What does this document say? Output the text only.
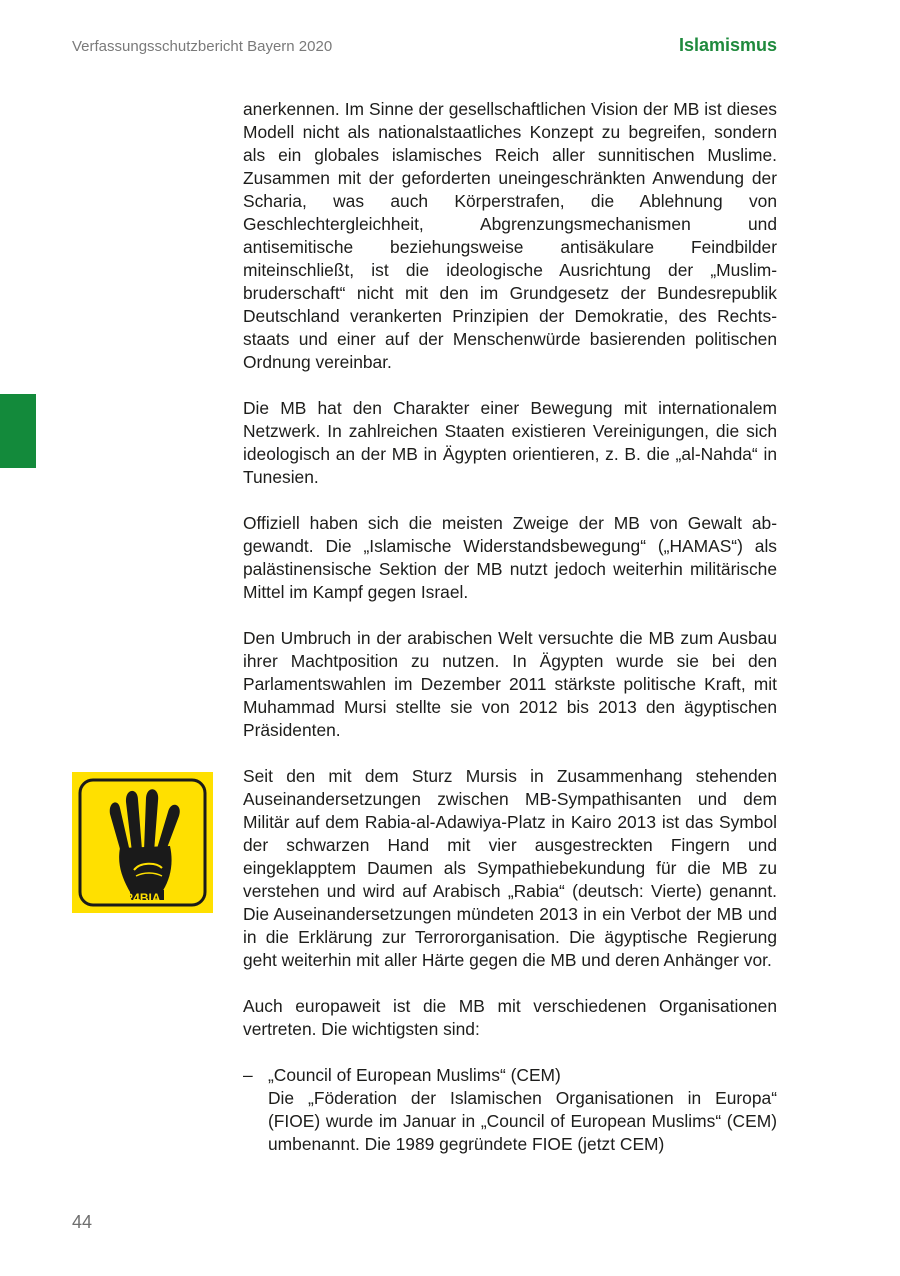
Verfassungsschutzbericht Bayern 2020	Islamismus
R4BIA

anerkennen. Im Sinne der gesellschaftlichen Vision der MB ist dieses Modell nicht als nationalstaatliches Konzept zu begreifen, sondern als ein globales islamisches Reich aller sunnitischen Muslime. Zusammen mit der geforderten uneingeschränkten Anwendung der Scharia, was auch Körperstrafen, die Ablehnung von Geschlechtergleichheit, Abgrenzungsmechanismen und antisemitische beziehungsweise antisäkulare Feindbilder miteinschließt, ist die ideologische Ausrichtung der „Muslimbruderschaft“ nicht mit den im Grundgesetz der Bundesrepublik Deutschland verankerten Prinzipien der Demokratie, des Rechtsstaats und einer auf der Menschenwürde basierenden politischen Ordnung vereinbar.

Die MB hat den Charakter einer Bewegung mit internationalem Netzwerk. In zahlreichen Staaten existieren Vereinigungen, die sich ideologisch an der MB in Ägypten orientieren, z. B. die „al-Nahda“ in Tunesien.

Offiziell haben sich die meisten Zweige der MB von Gewalt abgewandt. Die „Islamische Widerstandsbewegung“ („HAMAS“) als palästinensische Sektion der MB nutzt jedoch weiterhin militärische Mittel im Kampf gegen Israel.

Den Umbruch in der arabischen Welt versuchte die MB zum Ausbau ihrer Machtposition zu nutzen. In Ägypten wurde sie bei den Parlamentswahlen im Dezember 2011 stärkste politische Kraft, mit Muhammad Mursi stellte sie von 2012 bis 2013 den ägyptischen Präsidenten.

Seit den mit dem Sturz Mursis in Zusammenhang stehenden Auseinandersetzungen zwischen MB-Sympathisanten und dem Militär auf dem Rabia-al-Adawiya-Platz in Kairo 2013 ist das Symbol der schwarzen Hand mit vier ausgestreckten Fingern und eingeklapptem Daumen als Sympathiebekundung für die MB zu verstehen und wird auf Arabisch „Rabia“ (deutsch: Vierte) genannt. Die Auseinandersetzungen mündeten 2013 in ein Verbot der MB und in die Erklärung zur Terrororganisation. Die ägyptische Regierung geht weiterhin mit aller Härte gegen die MB und deren Anhänger vor.

Auch europaweit ist die MB mit verschiedenen Organisationen vertreten. Die wichtigsten sind:

– „Council of European Muslims“ (CEM)
Die „Föderation der Islamischen Organisationen in Europa“ (FIOE) wurde im Januar in „Council of European Muslims“ (CEM) umbenannt. Die 1989 gegründete FIOE (jetzt CEM)
44
